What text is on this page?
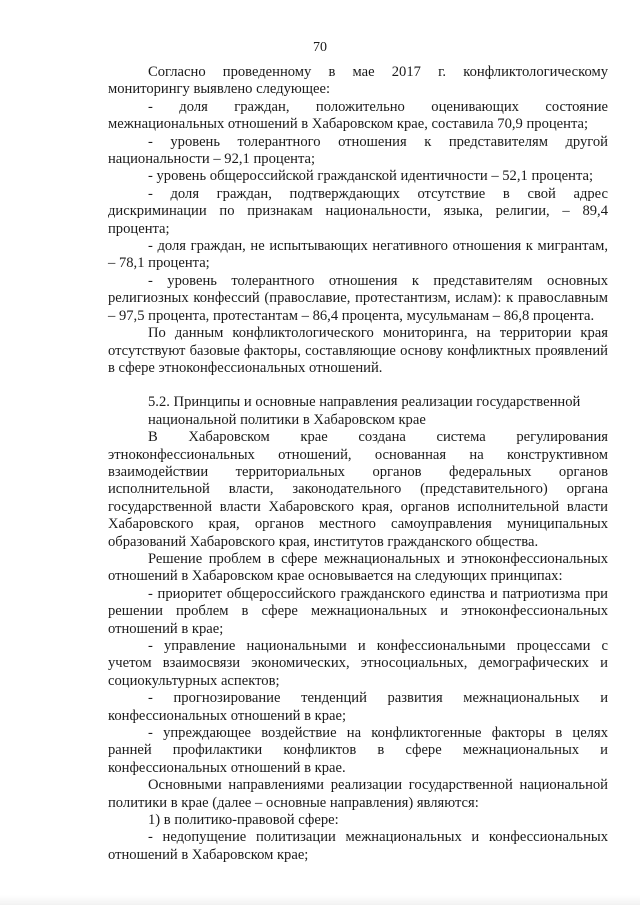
70

Согласно проведенному в мае 2017 г. конфликтологическому мониторингу выявлено следующее:

- доля граждан, положительно оценивающих состояние межнациональных отношений в Хабаровском крае, составила 70,9 процента;

- уровень толерантного отношения к представителям другой национальности – 92,1 процента;

- уровень общероссийской гражданской идентичности – 52,1 процента;

- доля граждан, подтверждающих отсутствие в свой адрес дискриминации по признакам национальности, языка, религии, – 89,4 процента;

- доля граждан, не испытывающих негативного отношения к мигрантам, – 78,1 процента;

- уровень толерантного отношения к представителям основных религиозных конфессий (православие, протестантизм, ислам): к православным – 97,5 процента, протестантам – 86,4 процента, мусульманам – 86,8 процента.

По данным конфликтологического мониторинга, на территории края отсутствуют базовые факторы, составляющие основу конфликтных проявлений в сфере этноконфессиональных отношений.

5.2. Принципы и основные направления реализации государственной национальной политики в Хабаровском крае

В Хабаровском крае создана система регулирования этноконфессиональных отношений, основанная на конструктивном взаимодействии территориальных органов федеральных органов исполнительной власти, законодательного (представительного) органа государственной власти Хабаровского края, органов исполнительной власти Хабаровского края, органов местного самоуправления муниципальных образований Хабаровского края, институтов гражданского общества.

Решение проблем в сфере межнациональных и этноконфессиональных отношений в Хабаровском крае основывается на следующих принципах:

- приоритет общероссийского гражданского единства и патриотизма при решении проблем в сфере межнациональных и этноконфессиональных отношений в крае;

- управление национальными и конфессиональными процессами с учетом взаимосвязи экономических, этносоциальных, демографических и социокультурных аспектов;

- прогнозирование тенденций развития межнациональных и конфессиональных отношений в крае;

- упреждающее воздействие на конфликтогенные факторы в целях ранней профилактики конфликтов в сфере межнациональных и конфессиональных отношений в крае.

Основными направлениями реализации государственной национальной политики в крае (далее – основные направления) являются:

1) в политико-правовой сфере:

- недопущение политизации межнациональных и конфессиональных отношений в Хабаровском крае;
